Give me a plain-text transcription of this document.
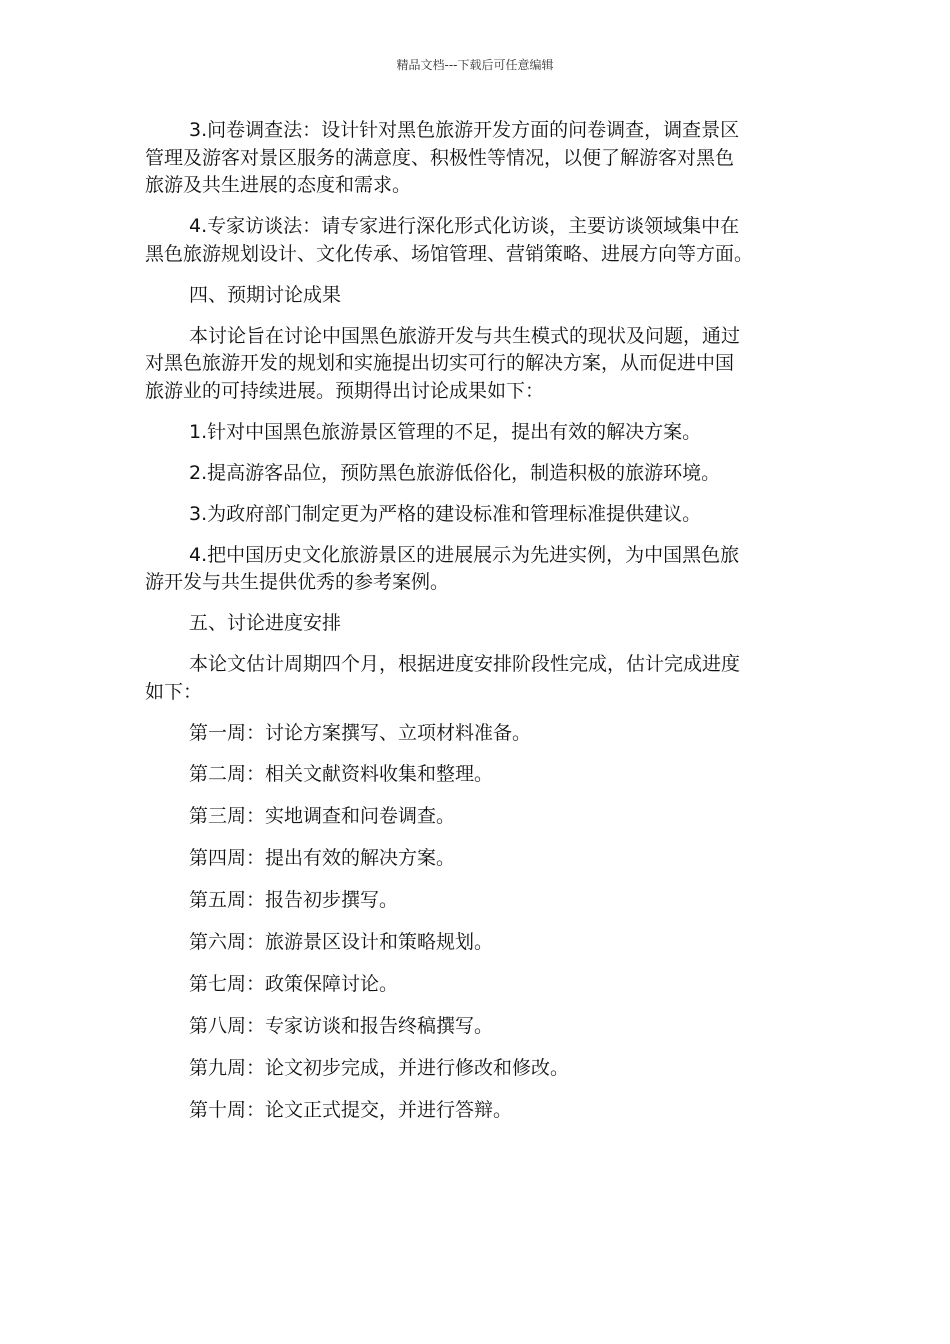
精品文档---下载后可任意编辑
3.问卷调查法：设计针对黑色旅游开发方面的问卷调查，调查景区
管理及游客对景区服务的满意度、积极性等情况，以便了解游客对黑色
旅游及共生进展的态度和需求。
4.专家访谈法：请专家进行深化形式化访谈，主要访谈领域集中在
黑色旅游规划设计、文化传承、场馆管理、营销策略、进展方向等方面。
四、预期讨论成果
本讨论旨在讨论中国黑色旅游开发与共生模式的现状及问题，通过
对黑色旅游开发的规划和实施提出切实可行的解决方案，从而促进中国
旅游业的可持续进展。预期得出讨论成果如下：
1.针对中国黑色旅游景区管理的不足，提出有效的解决方案。
2.提高游客品位，预防黑色旅游低俗化，制造积极的旅游环境。
3.为政府部门制定更为严格的建设标准和管理标准提供建议。
4.把中国历史文化旅游景区的进展展示为先进实例，为中国黑色旅
游开发与共生提供优秀的参考案例。
五、讨论进度安排
本论文估计周期四个月，根据进度安排阶段性完成，估计完成进度
如下：
第一周：讨论方案撰写、立项材料准备。
第二周：相关文献资料收集和整理。
第三周：实地调查和问卷调查。
第四周：提出有效的解决方案。
第五周：报告初步撰写。
第六周：旅游景区设计和策略规划。
第七周：政策保障讨论。
第八周：专家访谈和报告终稿撰写。
第九周：论文初步完成，并进行修改和修改。
第十周：论文正式提交，并进行答辩。
